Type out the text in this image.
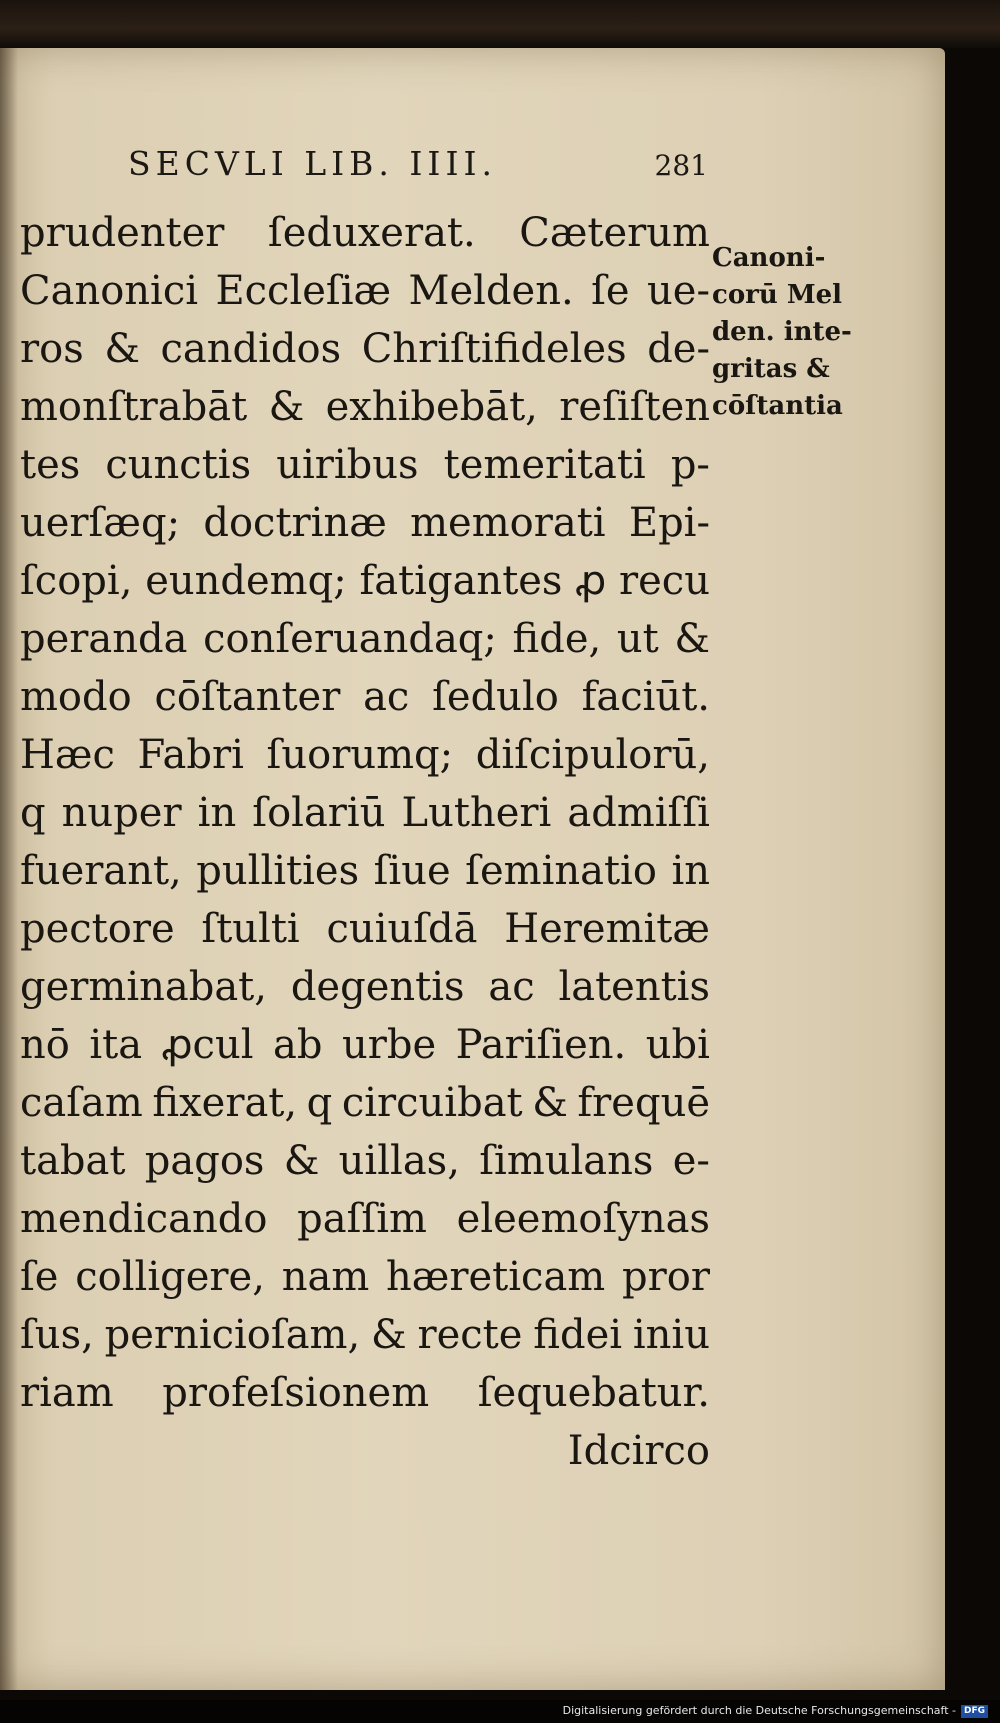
SECVLI LIB. IIII.	281
prudenter ſeduxerat. Cæterum
Canonici Eccleſiæ Melden. ſe ue-
ros & candidos Chriſtifideles de-
monſtrabāt & exhibebāt, reſiſten
tes cunctis uiribus temeritati p-
uerſæq; doctrinæ memorati Epi-
ſcopi, eundemq; fatigantes ꝓ recu
peranda conſeruandaq; fide, ut &
modo cōſtanter ac ſedulo faciūt.
Hæc Fabri ſuorumq; diſcipulorū,
q nuper in ſolariū Lutheri admiſſi
fuerant, pullities ſiue ſeminatio in
pectore ſtulti cuiuſdā Heremitæ
germinabat, degentis ac latentis
nō ita ꝓcul ab urbe Pariſien. ubi
caſam fixerat, q circuibat & frequē
tabat pagos & uillas, ſimulans e-
mendicando paſſim eleemoſynas
ſe colligere, nam hæreticam pror
ſus, pernicioſam, & recte fidei iniu
riam profeſsionem ſequebatur.
Idcirco
Canoni-
corū Mel
den. inte-
gritas &
cōſtantia
Digitalisierung gefördert durch die Deutsche Forschungsgemeinschaft - DFG
